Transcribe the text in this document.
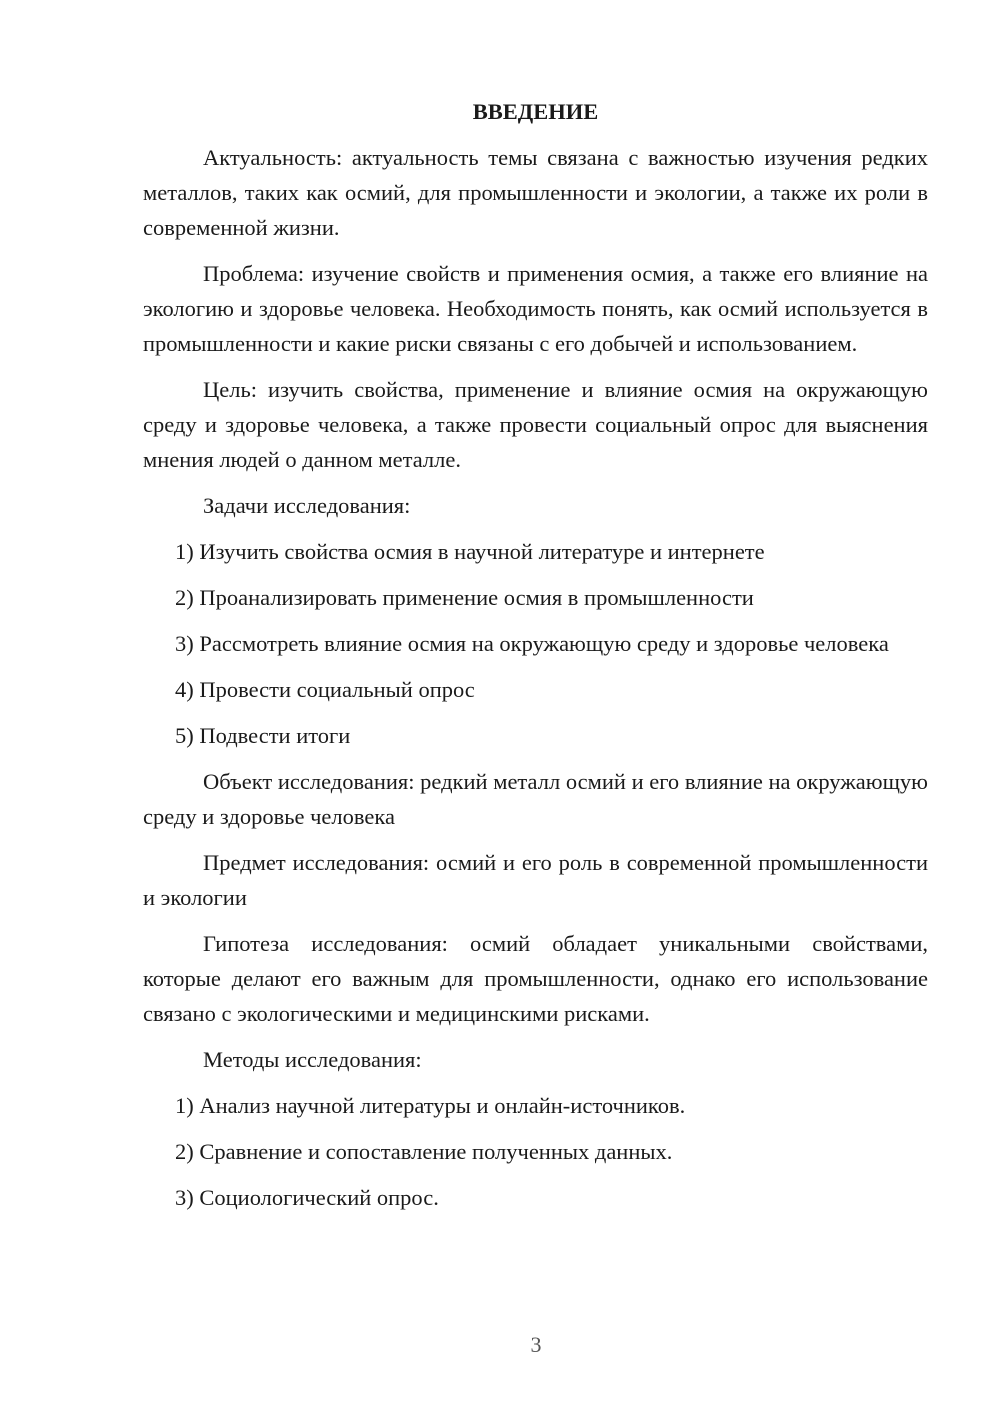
ВВЕДЕНИЕ

Актуальность: актуальность темы связана с важностью изучения редких металлов, таких как осмий, для промышленности и экологии, а также их роли в современной жизни.

Проблема: изучение свойств и применения осмия, а также его влияние на экологию и здоровье человека. Необходимость понять, как осмий используется в промышленности и какие риски связаны с его добычей и использованием.

Цель: изучить свойства, применение и влияние осмия на окружающую среду и здоровье человека, а также провести социальный опрос для выяснения мнения людей о данном металле.

Задачи исследования:

1) Изучить свойства осмия в научной литературе и интернете

2) Проанализировать применение осмия в промышленности

3) Рассмотреть влияние осмия на окружающую среду и здоровье человека

4) Провести социальный опрос

5) Подвести итоги

Объект исследования: редкий металл осмий и его влияние на окружающую среду и здоровье человека

Предмет исследования: осмий и его роль в современной промышленности и экологии

Гипотеза исследования: осмий обладает уникальными свойствами, которые делают его важным для промышленности, однако его использование связано с экологическими и медицинскими рисками.

Методы исследования:

1) Анализ научной литературы и онлайн-источников.

2) Сравнение и сопоставление полученных данных.

3) Социологический опрос.

3
